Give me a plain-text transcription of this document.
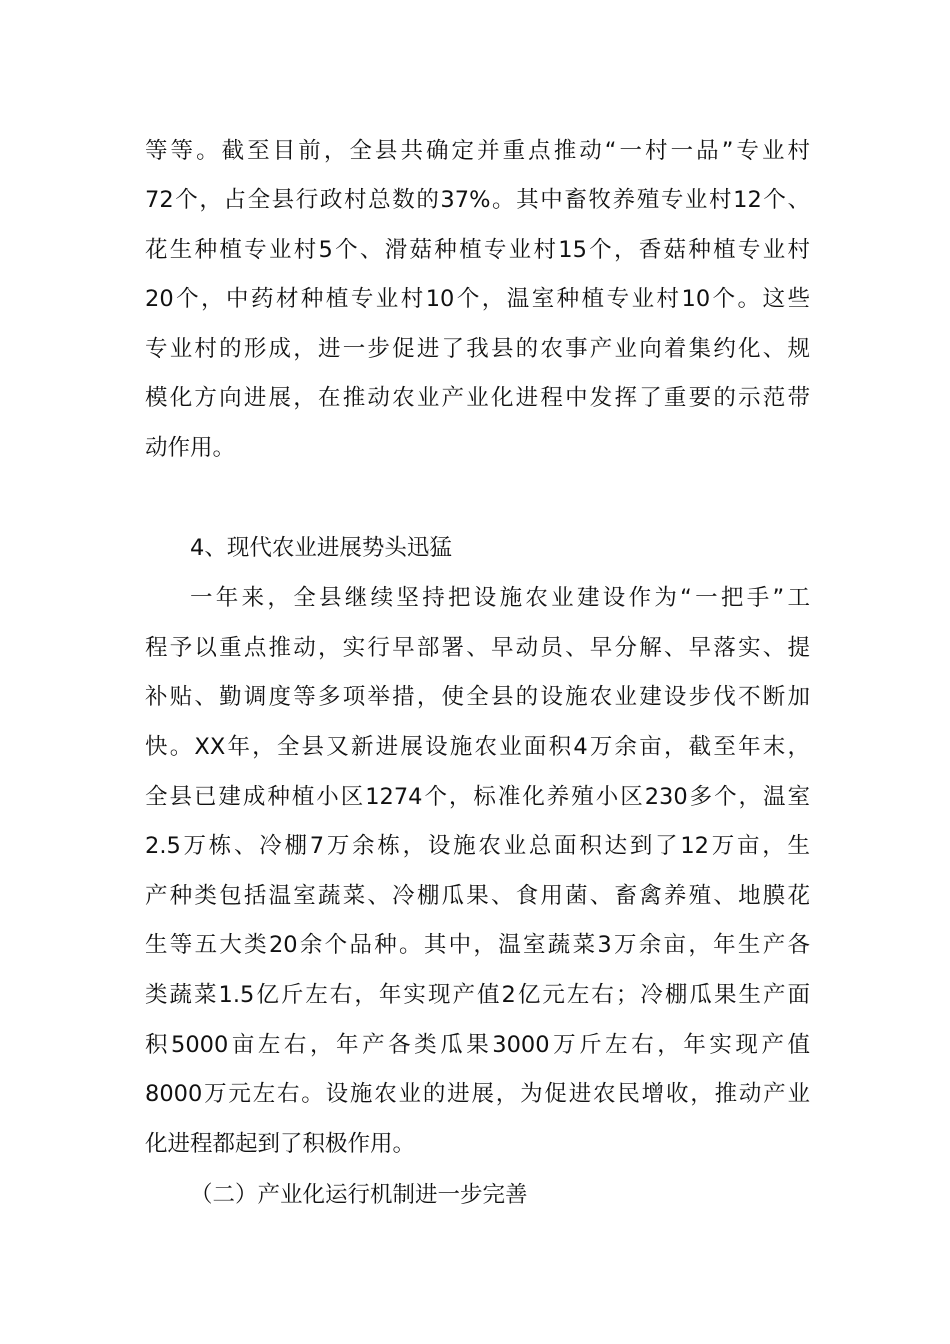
等等。截至目前，全县共确定并重点推动“一村一品”专业村
72个，占全县行政村总数的37%。其中畜牧养殖专业村12个、
花生种植专业村5个、滑菇种植专业村15个，香菇种植专业村
20个，中药材种植专业村10个，温室种植专业村10个。这些
专业村的形成，进一步促进了我县的农事产业向着集约化、规
模化方向进展，在推动农业产业化进程中发挥了重要的示范带
动作用。
4、现代农业进展势头迅猛
一年来，全县继续坚持把设施农业建设作为“一把手”工
程予以重点推动，实行早部署、早动员、早分解、早落实、提
补贴、勤调度等多项举措，使全县的设施农业建设步伐不断加
快。XX年，全县又新进展设施农业面积4万余亩，截至年末，
全县已建成种植小区1274个，标准化养殖小区230多个，温室
2.5万栋、冷棚7万余栋，设施农业总面积达到了12万亩，生
产种类包括温室蔬菜、冷棚瓜果、食用菌、畜禽养殖、地膜花
生等五大类20余个品种。其中，温室蔬菜3万余亩，年生产各
类蔬菜1.5亿斤左右，年实现产值2亿元左右；冷棚瓜果生产面
积5000亩左右，年产各类瓜果3000万斤左右，年实现产值
8000万元左右。设施农业的进展，为促进农民增收，推动产业
化进程都起到了积极作用。
（二）产业化运行机制进一步完善
